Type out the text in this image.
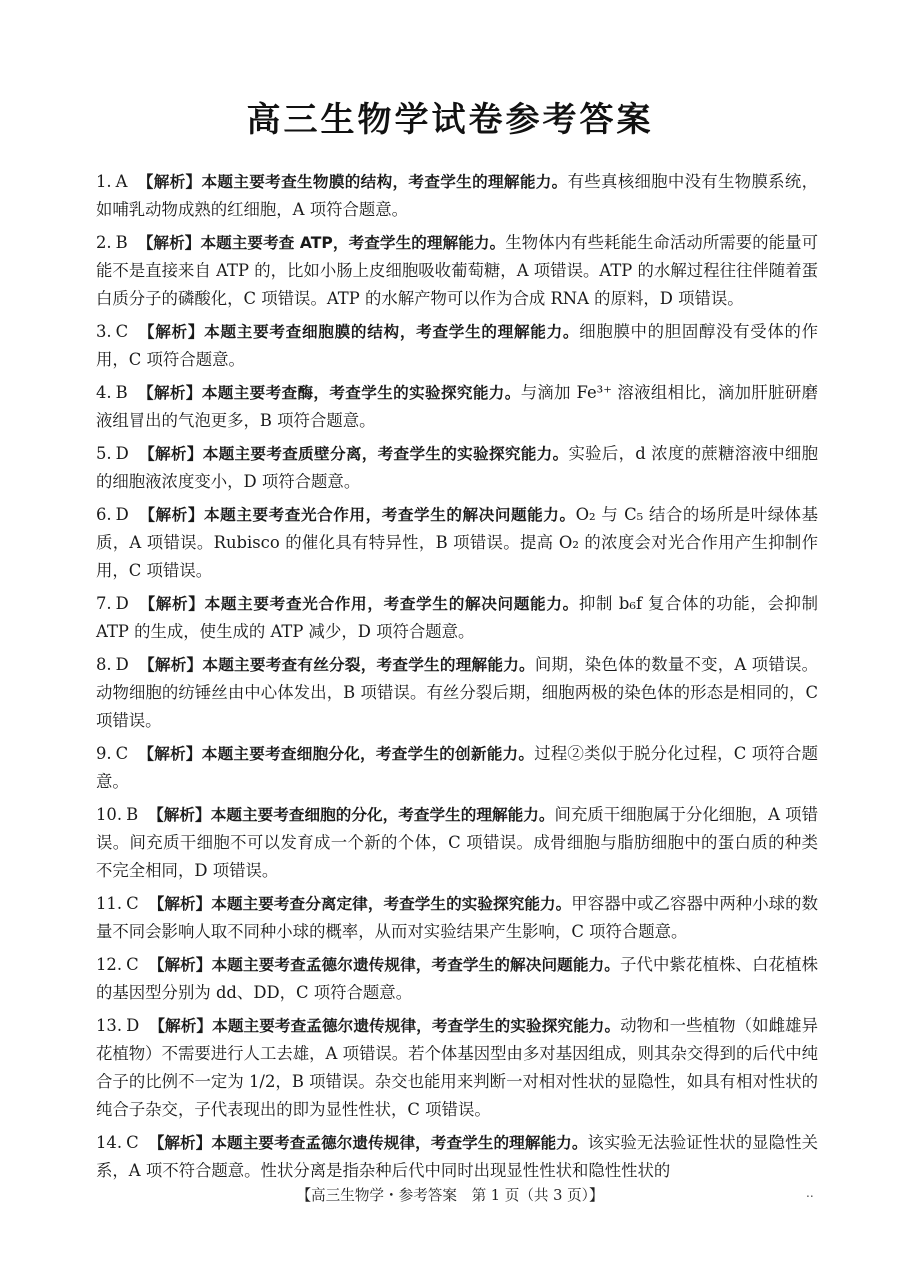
高三生物学试卷参考答案
1. A 【解析】本题主要考查生物膜的结构，考查学生的理解能力。有些真核细胞中没有生物膜系统，如哺乳动物成熟的红细胞，A 项符合题意。
2. B 【解析】本题主要考查 ATP，考查学生的理解能力。生物体内有些耗能生命活动所需要的能量可能不是直接来自 ATP 的，比如小肠上皮细胞吸收葡萄糖，A 项错误。ATP 的水解过程往往伴随着蛋白质分子的磷酸化，C 项错误。ATP 的水解产物可以作为合成 RNA 的原料，D 项错误。
3. C 【解析】本题主要考查细胞膜的结构，考查学生的理解能力。细胞膜中的胆固醇没有受体的作用，C 项符合题意。
4. B 【解析】本题主要考查酶，考查学生的实验探究能力。与滴加 Fe³⁺ 溶液组相比，滴加肝脏研磨液组冒出的气泡更多，B 项符合题意。
5. D 【解析】本题主要考查质壁分离，考查学生的实验探究能力。实验后，d 浓度的蔗糖溶液中细胞的细胞液浓度变小，D 项符合题意。
6. D 【解析】本题主要考查光合作用，考查学生的解决问题能力。O₂ 与 C₅ 结合的场所是叶绿体基质，A 项错误。Rubisco 的催化具有特异性，B 项错误。提高 O₂ 的浓度会对光合作用产生抑制作用，C 项错误。
7. D 【解析】本题主要考查光合作用，考查学生的解决问题能力。抑制 b₆f 复合体的功能，会抑制 ATP 的生成，使生成的 ATP 减少，D 项符合题意。
8. D 【解析】本题主要考查有丝分裂，考查学生的理解能力。间期，染色体的数量不变，A 项错误。动物细胞的纺锤丝由中心体发出，B 项错误。有丝分裂后期，细胞两极的染色体的形态是相同的，C 项错误。
9. C 【解析】本题主要考查细胞分化，考查学生的创新能力。过程②类似于脱分化过程，C 项符合题意。
10. B 【解析】本题主要考查细胞的分化，考查学生的理解能力。间充质干细胞属于分化细胞，A 项错误。间充质干细胞不可以发育成一个新的个体，C 项错误。成骨细胞与脂肪细胞中的蛋白质的种类不完全相同，D 项错误。
11. C 【解析】本题主要考查分离定律，考查学生的实验探究能力。甲容器中或乙容器中两种小球的数量不同会影响人取不同种小球的概率，从而对实验结果产生影响，C 项符合题意。
12. C 【解析】本题主要考查孟德尔遗传规律，考查学生的解决问题能力。子代中紫花植株、白花植株的基因型分别为 dd、DD，C 项符合题意。
13. D 【解析】本题主要考查孟德尔遗传规律，考查学生的实验探究能力。动物和一些植物（如雌雄异花植物）不需要进行人工去雄，A 项错误。若个体基因型由多对基因组成，则其杂交得到的后代中纯合子的比例不一定为 1/2，B 项错误。杂交也能用来判断一对相对性状的显隐性，如具有相对性状的纯合子杂交，子代表现出的即为显性性状，C 项错误。
14. C 【解析】本题主要考查孟德尔遗传规律，考查学生的理解能力。该实验无法验证性状的显隐性关系，A 项不符合题意。性状分离是指杂种后代中同时出现显性性状和隐性性状的
【高三生物学・参考答案　第 1 页（共 3 页）】	..
